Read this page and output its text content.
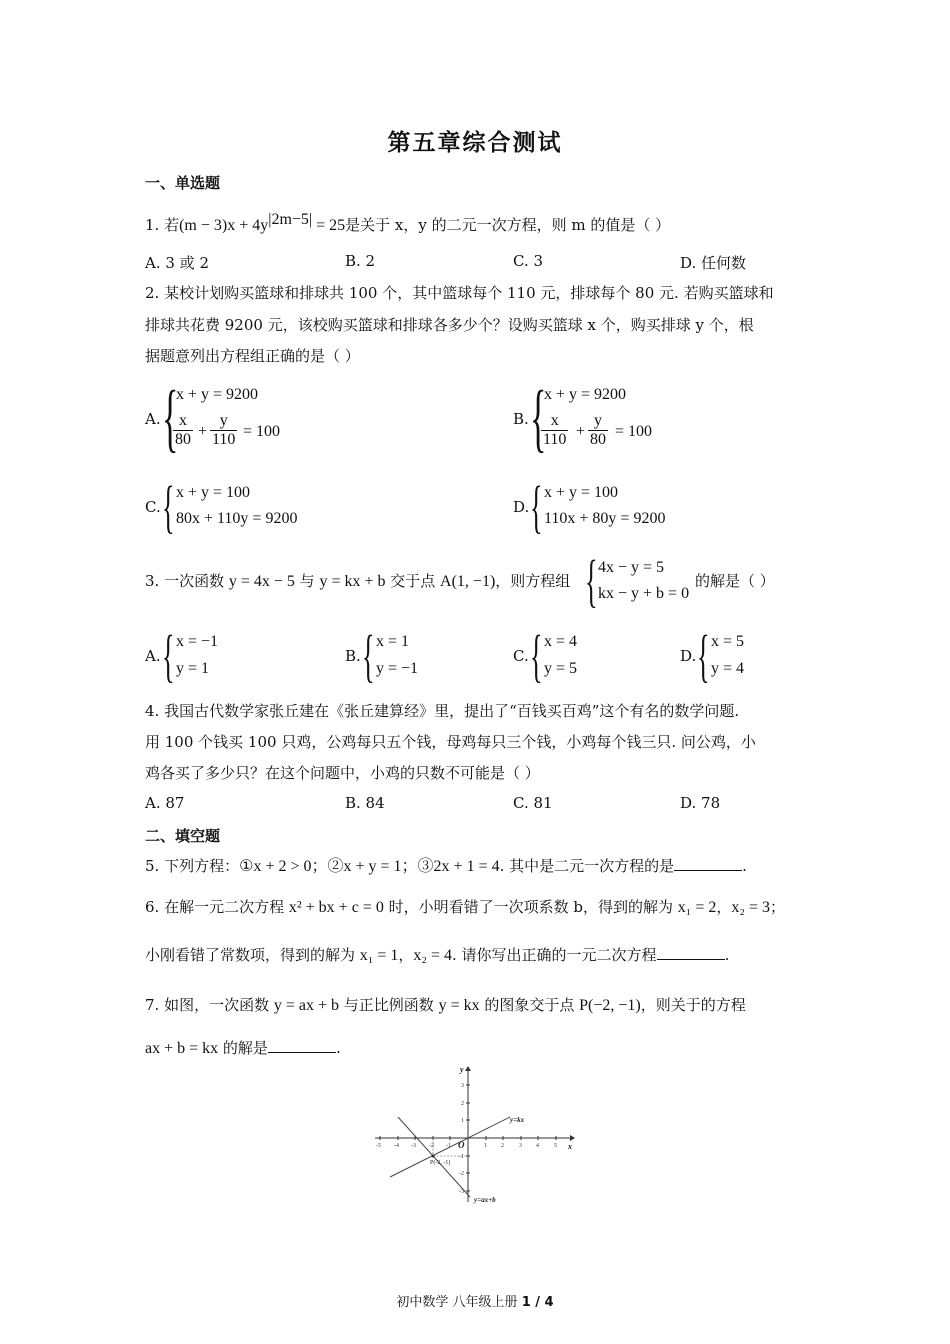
第五章综合测试
一、单选题
1. 若$(m - 3)x + 4y^{|2m-5|} = 25$是关于 x，y 的二元一次方程，则 m 的值是（ ）
A. 3 或 2	B. 2	C. 3	D. 任何数
2. 某校计划购买篮球和排球共 100 个，其中篮球每个 110 元，排球每个 80 元. 若购买篮球和
排球共花费 9200 元，该校购买篮球和排球各多少个？设购买篮球 x 个，购买排球 y 个，根
据题意列出方程组正确的是（ ）
A. {
x + y = 9200
$\frac{x}{80} + \frac{y}{110} = 100$
B. {
x + y = 9200
$\frac{x}{110} + \frac{y}{80} = 100$
C. { x + y = 100
80x + 110y = 9200
D. { x + y = 100
110x + 80y = 9200
3. 一次函数 y = 4x − 5 与 y = kx + b 交于点 A(1, −1)，则方程组 { 4x − y = 5
kx − y + b = 0
的解是（ ）
A. { x = −1
y = 1
B. { x = 1
y = −1
C. { x = 4
y = 5
D. { x = 5
y = 4
4. 我国古代数学家张丘建在《张丘建算经》里，提出了“百钱买百鸡”这个有名的数学问题.
用 100 个钱买 100 只鸡，公鸡每只五个钱，母鸡每只三个钱，小鸡每个钱三只. 问公鸡，小
鸡各买了多少只？在这个问题中，小鸡的只数不可能是（ ）
A. 87	B. 84	C. 81	D. 78
二、填空题
5. 下列方程：①x + 2 > 0；②x + y = 1；③2x + 1 = 4. 其中是二元一次方程的是	.
6. 在解一元二次方程 x² + bx + c = 0 时，小明看错了一次项系数 b，得到的解为 x₁ = 2，x₂ = 3；
小刚看错了常数项，得到的解为 x₁ = 1，x₂ = 4. 请你写出正确的一元二次方程	.
7. 如图，一次函数 y = ax + b 与正比例函数 y = kx 的图象交于点 P(−2, −1)，则关于的方程
ax + b = kx 的解是	.
-5 -4 -3 -2 -1	1 2	3 4	5
3
2
1
-1
-2
-3
x
y
O
y=kx
y=ax+b
P(-2, -1)
初中数学 八年级上册 1 / 4
